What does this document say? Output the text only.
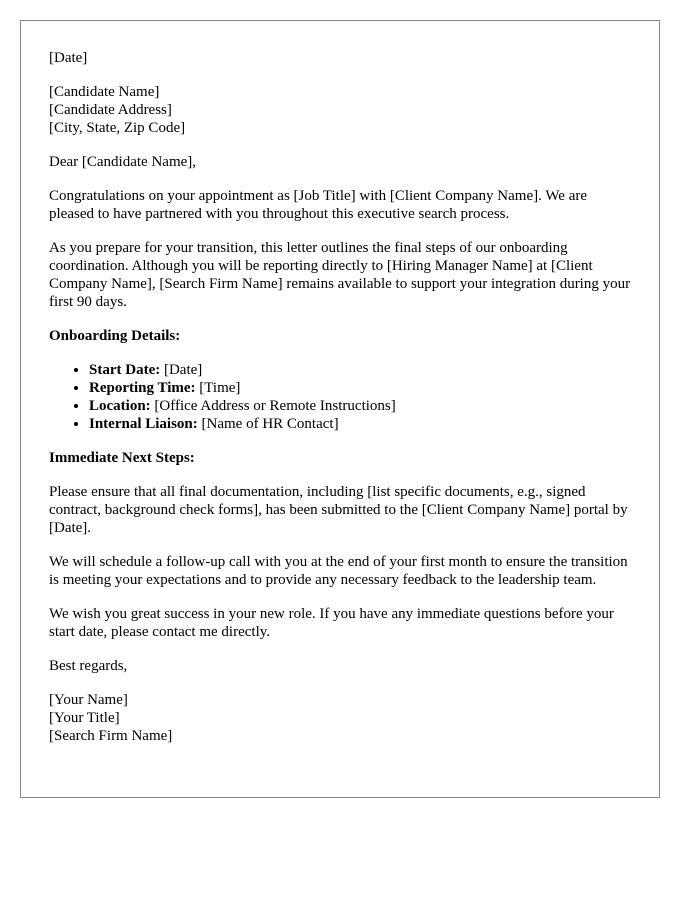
[Date]

[Candidate Name]
[Candidate Address]
[City, State, Zip Code]

Dear [Candidate Name],

Congratulations on your appointment as [Job Title] with [Client Company Name]. We are pleased to have partnered with you throughout this executive search process.

As you prepare for your transition, this letter outlines the final steps of our onboarding coordination. Although you will be reporting directly to [Hiring Manager Name] at [Client Company Name], [Search Firm Name] remains available to support your integration during your first 90 days.

Onboarding Details:
• Start Date: [Date]
• Reporting Time: [Time]
• Location: [Office Address or Remote Instructions]
• Internal Liaison: [Name of HR Contact]
Immediate Next Steps:

Please ensure that all final documentation, including [list specific documents, e.g., signed contract, background check forms], has been submitted to the [Client Company Name] portal by [Date].

We will schedule a follow-up call with you at the end of your first month to ensure the transition is meeting your expectations and to provide any necessary feedback to the leadership team.

We wish you great success in your new role. If you have any immediate questions before your start date, please contact me directly.

Best regards,

[Your Name]
[Your Title]
[Search Firm Name]
